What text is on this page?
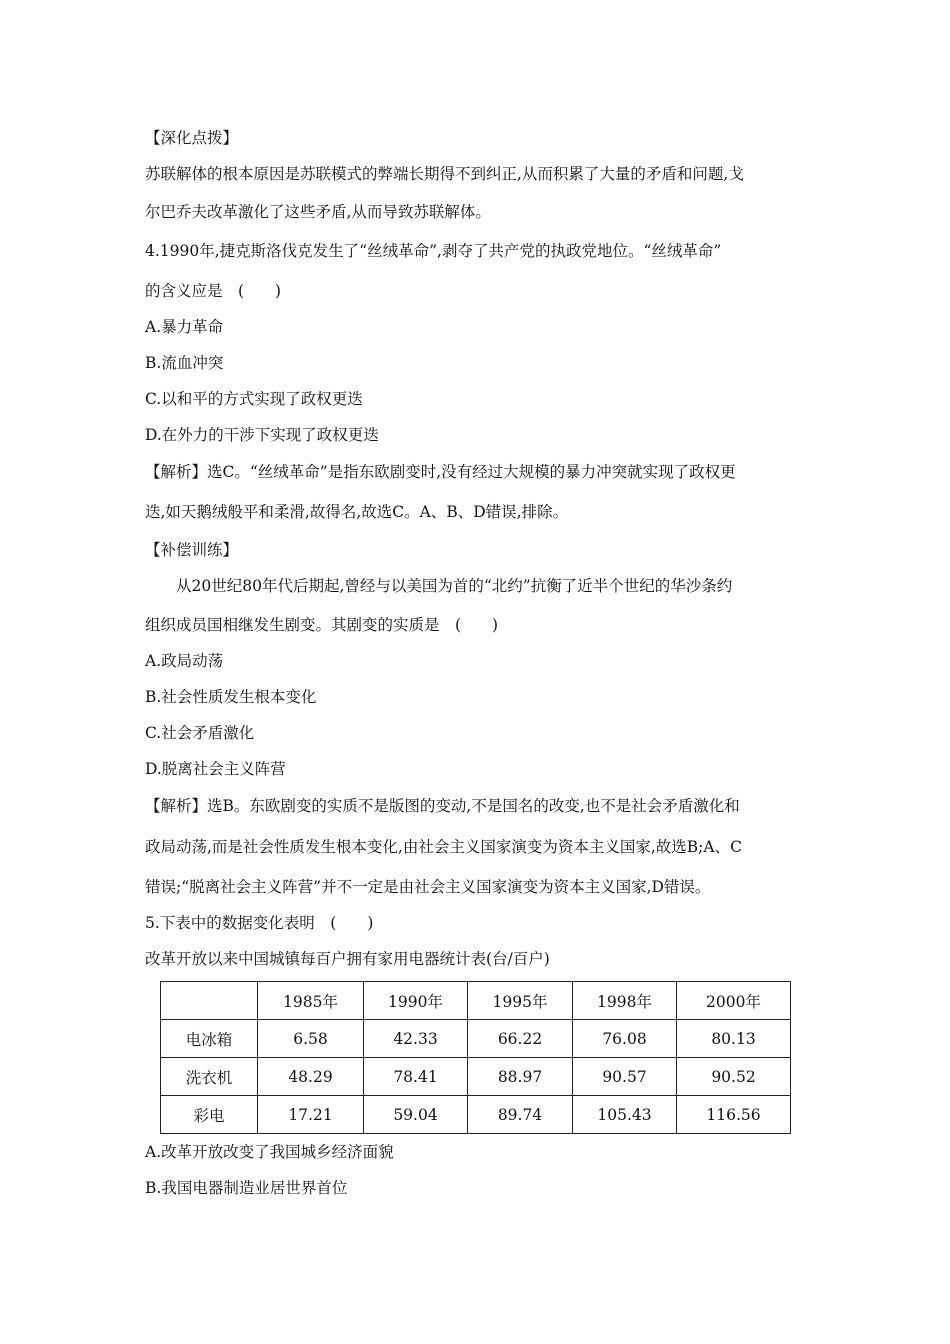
【深化点拨】
苏联解体的根本原因是苏联模式的弊端长期得不到纠正,从而积累了大量的矛盾和问题,戈
尔巴乔夫改革激化了这些矛盾,从而导致苏联解体。
4.1990年,捷克斯洛伐克发生了“丝绒革命”,剥夺了共产党的执政党地位。“丝绒革命”
的含义应是　(　　)
A.暴力革命
B.流血冲突
C.以和平的方式实现了政权更迭
D.在外力的干涉下实现了政权更迭
【解析】选C。“丝绒革命”是指东欧剧变时,没有经过大规模的暴力冲突就实现了政权更
迭,如天鹅绒般平和柔滑,故得名,故选C。A、B、D错误,排除。
【补偿训练】
从20世纪80年代后期起,曾经与以美国为首的“北约”抗衡了近半个世纪的华沙条约
组织成员国相继发生剧变。其剧变的实质是　(　　)
A.政局动荡
B.社会性质发生根本变化
C.社会矛盾激化
D.脱离社会主义阵营
【解析】选B。东欧剧变的实质不是版图的变动,不是国名的改变,也不是社会矛盾激化和
政局动荡,而是社会性质发生根本变化,由社会主义国家演变为资本主义国家,故选B;A、C
错误;“脱离社会主义阵营”并不一定是由社会主义国家演变为资本主义国家,D错误。
5.下表中的数据变化表明　(　　)
改革开放以来中国城镇每百户拥有家用电器统计表(台/百户)
	1985年	1990年	1995年	1998年	2000年
电冰箱	6.58	42.33	66.22	76.08	80.13
洗衣机	48.29	78.41	88.97	90.57	90.52
彩电	17.21	59.04	89.74	105.43	116.56
A.改革开放改变了我国城乡经济面貌
B.我国电器制造业居世界首位
